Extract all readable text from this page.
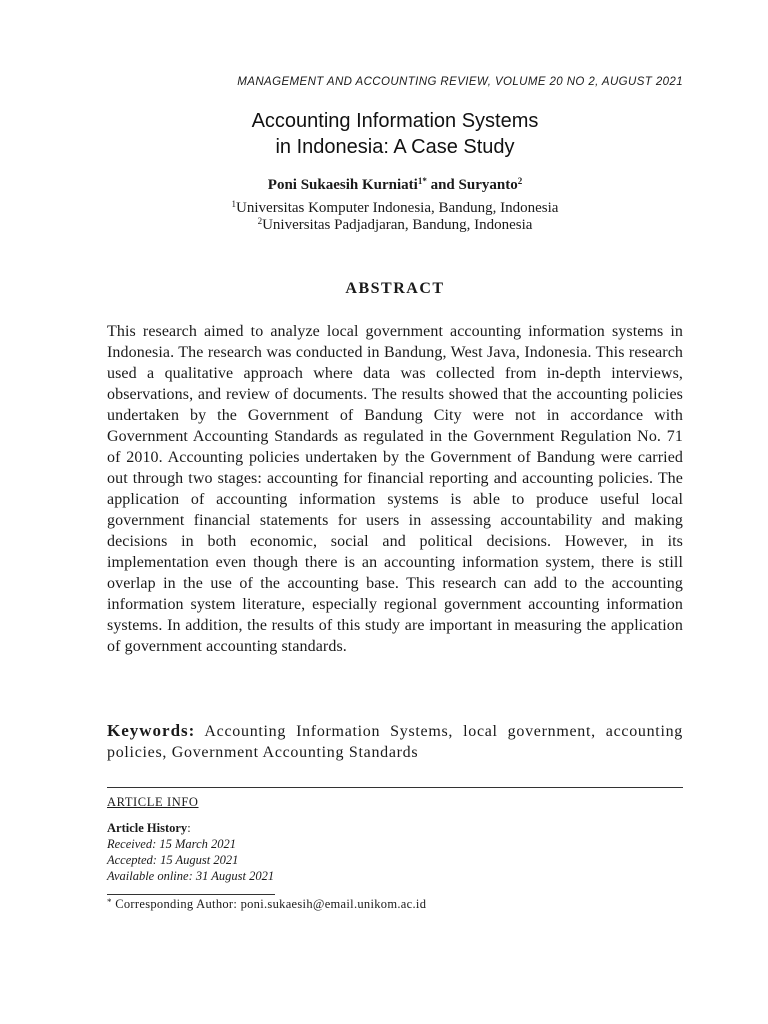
MANAGEMENT AND ACCOUNTING REVIEW, VOLUME 20 NO 2, AUGUST 2021
Accounting Information Systems
in Indonesia: A Case Study
Poni Sukaesih Kurniati$^{1*}$ and Suryanto$^2$
$^1$Universitas Komputer Indonesia, Bandung, Indonesia
$^2$Universitas Padjadjaran, Bandung, Indonesia
ABSTRACT
This research aimed to analyze local government accounting information systems in Indonesia. The research was conducted in Bandung, West Java, Indonesia. This research used a qualitative approach where data was collected from in-depth interviews, observations, and review of documents. The results showed that the accounting policies undertaken by the Government of Bandung City were not in accordance with Government Accounting Standards as regulated in the Government Regulation No. 71 of 2010. Accounting policies undertaken by the Government of Bandung were carried out through two stages: accounting for financial reporting and accounting policies. The application of accounting information systems is able to produce useful local government financial statements for users in assessing accountability and making decisions in both economic, social and political decisions. However, in its implementation even though there is an accounting information system, there is still overlap in the use of the accounting base. This research can add to the accounting information system literature, especially regional government accounting information systems. In addition, the results of this study are important in measuring the application of government accounting standards.
Keywords: Accounting Information Systems, local government, accounting policies, Government Accounting Standards
ARTICLE INFO
Article History:
Received: 15 March 2021
Accepted: 15 August 2021
Available online: 31 August 2021
* Corresponding Author: poni.sukaesih@email.unikom.ac.id
